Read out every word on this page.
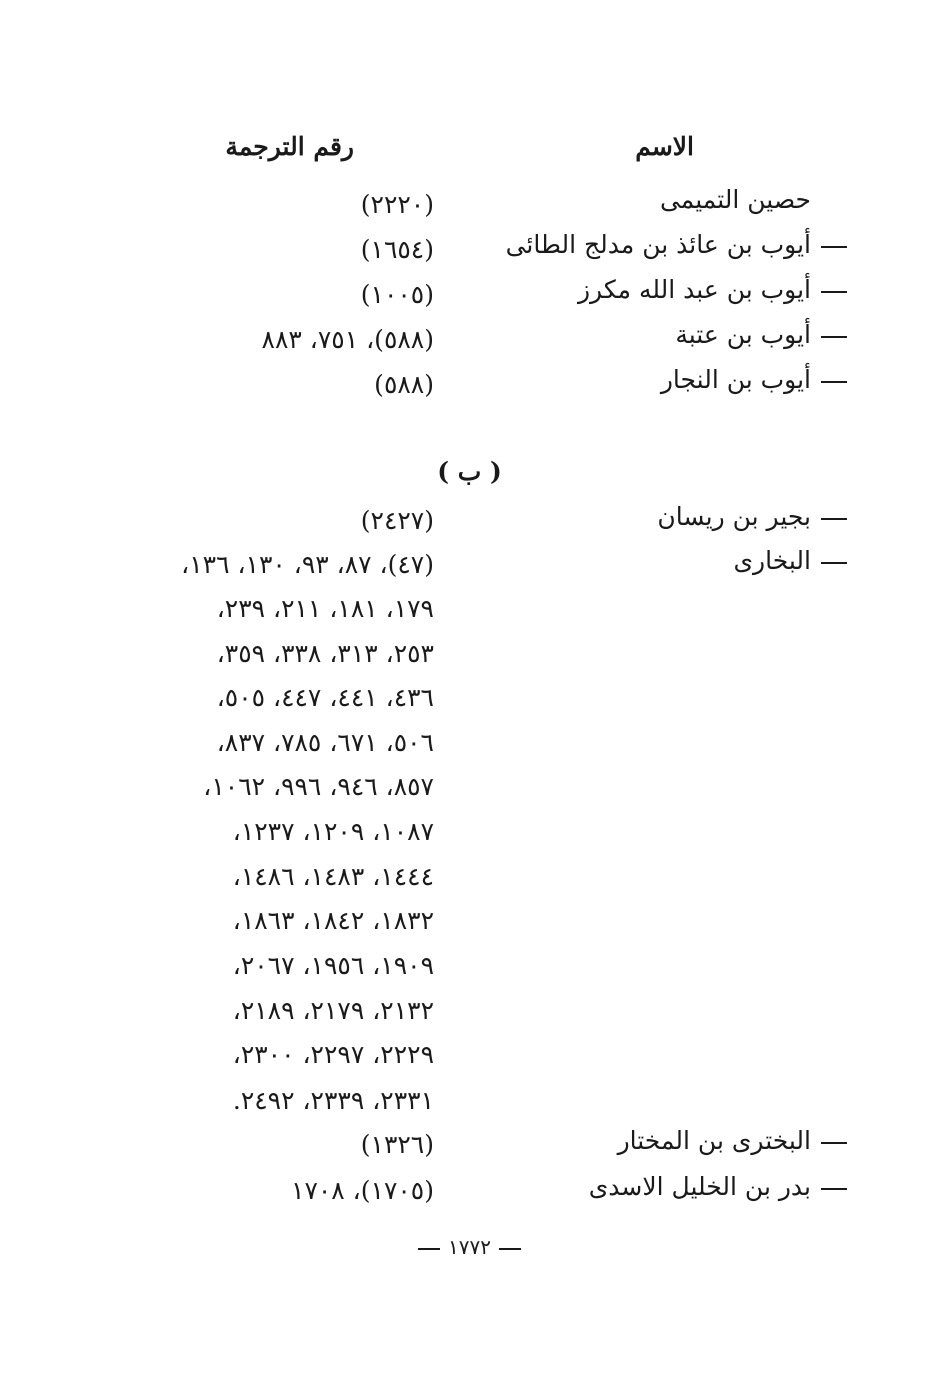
الاسم
رقم الترجمة
حصين التميمى
(٢٢٢٠)
أيوب بن عائذ بن مدلج الطائى
(١٦٥٤)
أيوب بن عبد الله مكرز
(١٠٠٥)
أيوب بن عتبة
(٥٨٨)، ٧٥١، ٨٨٣
أيوب بن النجار
(٥٨٨)
( ب )
بجير بن ريسان
(٢٤٢٧)
البخارى
(٤٧)، ٨٧، ٩٣، ١٣٠، ١٣٦،
١٧٩، ١٨١، ٢١١، ٢٣٩،
٢٥٣، ٣١٣، ٣٣٨، ٣٥٩،
٤٣٦، ٤٤١، ٤٤٧، ٥٠٥،
٥٠٦، ٦٧١، ٧٨٥، ٨٣٧،
٨٥٧، ٩٤٦، ٩٩٦، ١٠٦٢،
١٠٨٧، ١٢٠٩، ١٢٣٧،
١٤٤٤، ١٤٨٣، ١٤٨٦،
١٨٣٢، ١٨٤٢، ١٨٦٣،
١٩٠٩، ١٩٥٦، ٢٠٦٧،
٢١٣٢، ٢١٧٩، ٢١٨٩،
٢٢٢٩، ٢٢٩٧، ٢٣٠٠،
٢٣٣١، ٢٣٣٩، ٢٤٩٢.
البخترى بن المختار
(١٣٢٦)
بدر بن الخليل الاسدى
(١٧٠٥)، ١٧٠٨
١٧٧٢
